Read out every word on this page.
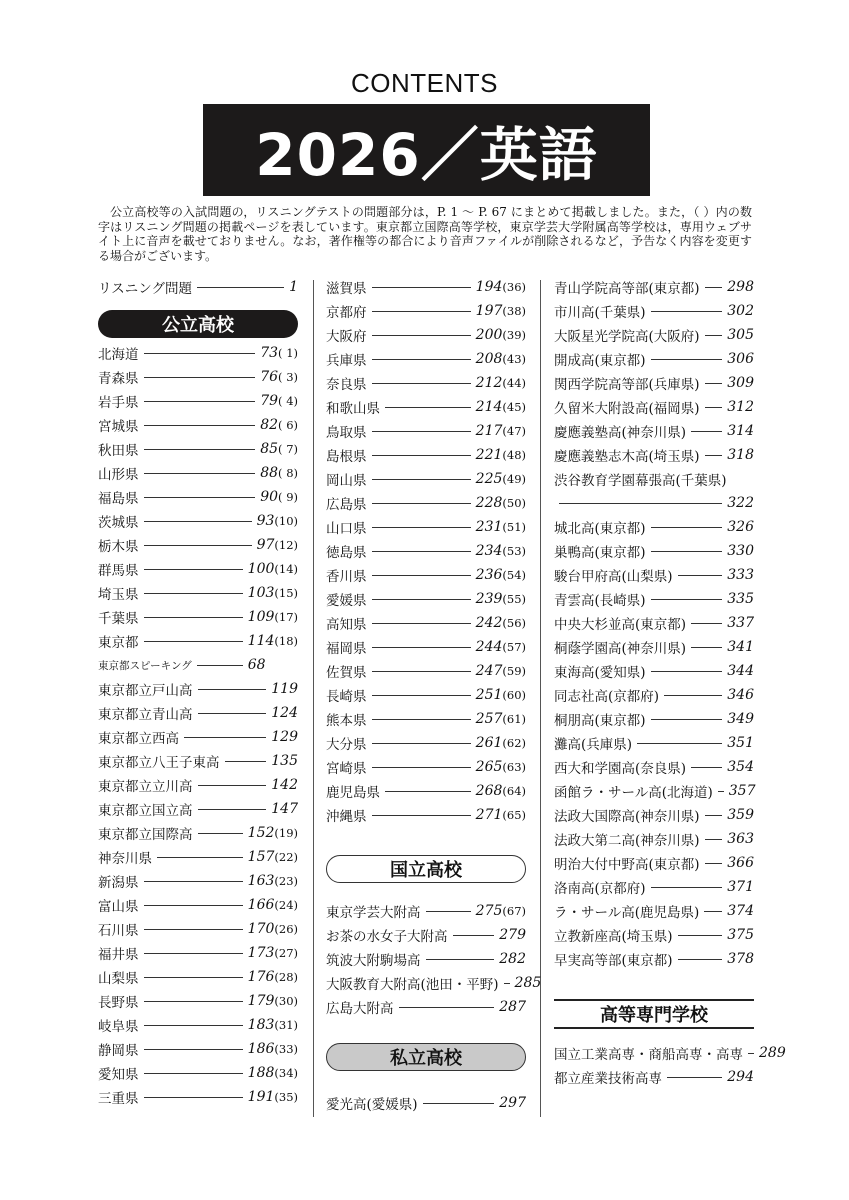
CONTENTS
2026／英語
公立高校等の入試問題の，リスニングテストの問題部分は，P. 1 ～ P. 67 にまとめて掲載しました。また，（ ）内の数字はリスニング問題の掲載ページを表しています。東京都立国際高等学校，東京学芸大学附属高等学校は，専用ウェブサイト上に音声を載せておりません。なお，著作権等の都合により音声ファイルが削除されるなど，予告なく内容を変更する場合がございます。
リスニング問題	1
公立高校
北海道	73 ( 1)
青森県	76 ( 3)
岩手県	79 ( 4)
宮城県	82 ( 6)
秋田県	85 ( 7)
山形県	88 ( 8)
福島県	90 ( 9)
茨城県	93 (10)
栃木県	97 (12)
群馬県	100 (14)
埼玉県	103 (15)
千葉県	109 (17)
東京都	114 (18)
東京都スピーキング	68
東京都立戸山高	119
東京都立青山高	124
東京都立西高	129
東京都立八王子東高	135
東京都立立川高	142
東京都立国立高	147
東京都立国際高	152 (19)
神奈川県	157 (22)
新潟県	163 (23)
富山県	166 (24)
石川県	170 (26)
福井県	173 (27)
山梨県	176 (28)
長野県	179 (30)
岐阜県	183 (31)
静岡県	186 (33)
愛知県	188 (34)
三重県	191 (35)
滋賀県	194 (36)
京都府	197 (38)
大阪府	200 (39)
兵庫県	208 (43)
奈良県	212 (44)
和歌山県	214 (45)
鳥取県	217 (47)
島根県	221 (48)
岡山県	225 (49)
広島県	228 (50)
山口県	231 (51)
徳島県	234 (53)
香川県	236 (54)
愛媛県	239 (55)
高知県	242 (56)
福岡県	244 (57)
佐賀県	247 (59)
長崎県	251 (60)
熊本県	257 (61)
大分県	261 (62)
宮崎県	265 (63)
鹿児島県	268 (64)
沖縄県	271 (65)
国立高校
東京学芸大附高	275 (67)
お茶の水女子大附高	279
筑波大附駒場高	282
大阪教育大附高(池田・平野) 285
広島大附高	287
私立高校
愛光高(愛媛県)	297
青山学院高等部(東京都) 298
市川高(千葉県)	302
大阪星光学院高(大阪府) 305
開成高(東京都)	306
関西学院高等部(兵庫県) 309
久留米大附設高(福岡県) 312
慶應義塾高(神奈川県)	314
慶應義塾志木高(埼玉県) 318
渋谷教育学園幕張高(千葉県)
322
城北高(東京都)	326
巣鴨高(東京都)	330
駿台甲府高(山梨県)	333
青雲高(長崎県)	335
中央大杉並高(東京都)	337
桐蔭学園高(神奈川県)	341
東海高(愛知県)	344
同志社高(京都府)	346
桐朋高(東京都)	349
灘高(兵庫県)	351
西大和学園高(奈良県)	354
函館ラ・サール高(北海道) 357
法政大国際高(神奈川県) 359
法政大第二高(神奈川県) 363
明治大付中野高(東京都) 366
洛南高(京都府)	371
ラ・サール高(鹿児島県) 374
立教新座高(埼玉県)	375
早実高等部(東京都)	378
高等専門学校
国立工業高専・商船高専・高専 289
都立産業技術高専	294
